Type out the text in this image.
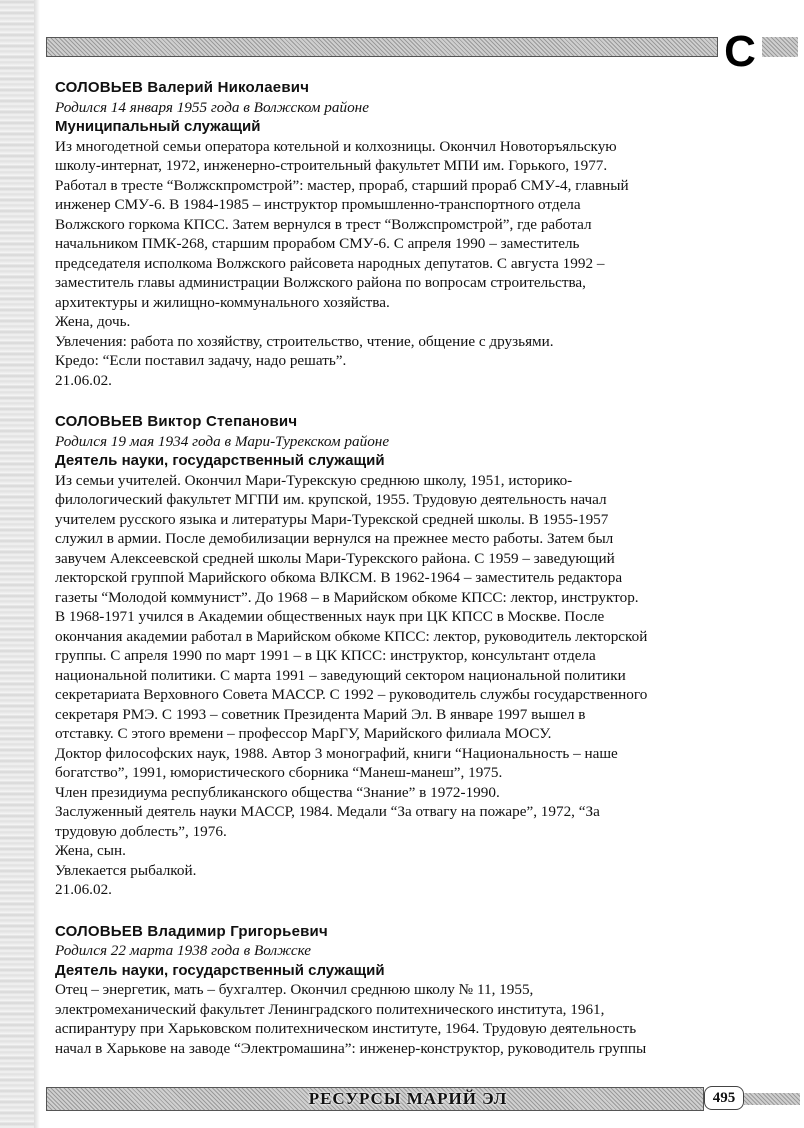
С
СОЛОВЬЕВ Валерий Николаевич
Родился 14 января 1955 года в Волжском районе
Муниципальный служащий
Из многодетной семьи оператора котельной и колхозницы. Окончил Новоторъяльскую
школу-интернат, 1972, инженерно-строительный факультет МПИ им. Горького, 1977.
Работал в тресте “Волжскпромстрой”: мастер, прораб, старший прораб СМУ-4, главный
инженер СМУ-6. В 1984-1985 – инструктор промышленно-транспортного отдела
Волжского горкома КПСС. Затем вернулся в трест “Волжспромстрой”, где работал
начальником ПМК-268, старшим прорабом СМУ-6. С апреля 1990 – заместитель
председателя исполкома Волжского райсовета народных депутатов. С августа 1992 –
заместитель главы администрации Волжского района по вопросам строительства,
архитектуры и жилищно-коммунального хозяйства.
Жена, дочь.
Увлечения: работа по хозяйству, строительство, чтение, общение с друзьями.
Кредо: “Если поставил задачу, надо решать”.
21.06.02.
СОЛОВЬЕВ Виктор Степанович
Родился 19 мая 1934 года в Мари-Турекском районе
Деятель науки, государственный служащий
Из семьи учителей. Окончил Мари-Турекскую среднюю школу, 1951, историко-
филологический факультет МГПИ им. крупской, 1955. Трудовую деятельность начал
учителем русского языка и литературы Мари-Турекской средней школы. В 1955-1957
служил в армии. После демобилизации вернулся на прежнее место работы. Затем был
завучем Алексеевской средней школы Мари-Турекского района. С 1959 – заведующий
лекторской группой Марийского обкома ВЛКСМ. В 1962-1964 – заместитель редактора
газеты “Молодой коммунист”. До 1968 – в Марийском обкоме КПСС: лектор, инструктор.
В 1968-1971 учился в Академии общественных наук при ЦК КПСС в Москве. После
окончания академии работал в Марийском обкоме КПСС: лектор, руководитель лекторской
группы. С апреля 1990 по март 1991 – в ЦК КПСС: инструктор, консультант отдела
национальной политики. С марта 1991 – заведующий сектором национальной политики
секретариата Верховного Совета МАССР. С 1992 – руководитель службы государственного
секретаря РМЭ. С 1993 – советник Президента Марий Эл. В январе 1997 вышел в
отставку. С этого времени – профессор МарГУ, Марийского филиала МОСУ.
Доктор философских наук, 1988. Автор 3 монографий, книги “Национальность – наше
богатство”, 1991, юмористического сборника “Манеш-манеш”, 1975.
Член президиума республиканского общества “Знание” в 1972-1990.
Заслуженный деятель науки МАССР, 1984. Медали “За отвагу на пожаре”, 1972, “За
трудовую доблесть”, 1976.
Жена, сын.
Увлекается рыбалкой.
21.06.02.
СОЛОВЬЕВ Владимир Григорьевич
Родился 22 марта 1938 года в Волжске
Деятель науки, государственный служащий
Отец – энергетик, мать – бухгалтер. Окончил среднюю школу № 11, 1955,
электромеханический факультет Ленинградского политехнического института, 1961,
аспирантуру при Харьковском политехническом институте, 1964. Трудовую деятельность
начал в Харькове на заводе “Электромашина”: инженер-конструктор, руководитель группы
РЕСУРСЫ МАРИЙ ЭЛ	495
